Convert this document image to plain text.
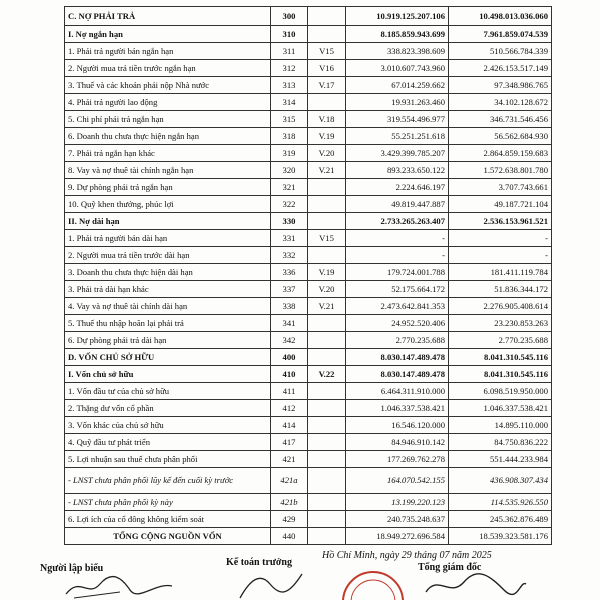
C. NỢ PHẢI TRẢ	300		10.919.125.207.106	10.498.013.036.060
I. Nợ ngắn hạn	310		8.185.859.943.699	7.961.859.074.539
1. Phải trả người bán ngắn hạn	311	V15	338.823.398.609	510.566.784.339
2. Người mua trả tiền trước ngắn hạn	312	V16	3.010.607.743.960	2.426.153.517.149
3. Thuế và các khoản phải nộp Nhà nước	313	V.17	67.014.259.662	97.348.986.765
4. Phải trả người lao động	314		19.931.263.460	34.102.128.672
5. Chi phí phải trả ngắn hạn	315	V.18	319.554.496.977	346.731.546.456
6. Doanh thu chưa thực hiện ngắn hạn	318	V.19	55.251.251.618	56.562.684.930
7. Phải trả ngắn hạn khác	319	V.20	3.429.399.785.207	2.864.859.159.683
8. Vay và nợ thuê tài chính ngắn hạn	320	V.21	893.233.650.122	1.572.638.801.780
9. Dự phòng phải trả ngắn hạn	321		2.224.646.197	3.707.743.661
10. Quỹ khen thưởng, phúc lợi	322		49.819.447.887	49.187.721.104
II. Nợ dài hạn	330		2.733.265.263.407	2.536.153.961.521
1. Phải trả người bán dài hạn	331	V15	-	-
2. Người mua trả tiền trước dài hạn	332		-	-
3. Doanh thu chưa thực hiện dài hạn	336	V.19	179.724.001.788	181.411.119.784
3. Phải trả dài hạn khác	337	V.20	52.175.664.172	51.836.344.172
4. Vay và nợ thuê tài chính dài hạn	338	V.21	2.473.642.841.353	2.276.905.408.614
5. Thuế thu nhập hoãn lại phải trả	341		24.952.520.406	23.230.853.263
6. Dự phòng phải trả dài hạn	342		2.770.235.688	2.770.235.688
D. VỐN CHỦ SỞ HỮU	400		8.030.147.489.478	8.041.310.545.116
I. Vốn chủ sở hữu	410	V.22	8.030.147.489.478	8.041.310.545.116
1. Vốn đầu tư của chủ sở hữu	411		6.464.311.910.000	6.098.519.950.000
2. Thặng dư vốn cổ phần	412		1.046.337.538.421	1.046.337.538.421
3. Vốn khác của chủ sở hữu	414		16.546.120.000	14.895.110.000
4. Quỹ đầu tư phát triển	417		84.946.910.142	84.750.836.222
5. Lợi nhuận sau thuế chưa phân phối	421		177.269.762.278	551.444.233.984
- LNST chưa phân phối lũy kế đến cuối kỳ trước	421a		164.070.542.155	436.908.307.434
- LNST chưa phân phối kỳ này	421b		13.199.220.123	114.535.926.550
6. Lợi ích của cổ đông không kiểm soát	429		240.735.248.637	245.362.876.489
TỔNG CỘNG NGUỒN VỐN	440		18.949.272.696.584	18.539.323.581.176
Người lập biểu
Kế toán trưởng
Hồ Chí Minh, ngày 29 tháng 07 năm 2025
Tổng giám đốc
